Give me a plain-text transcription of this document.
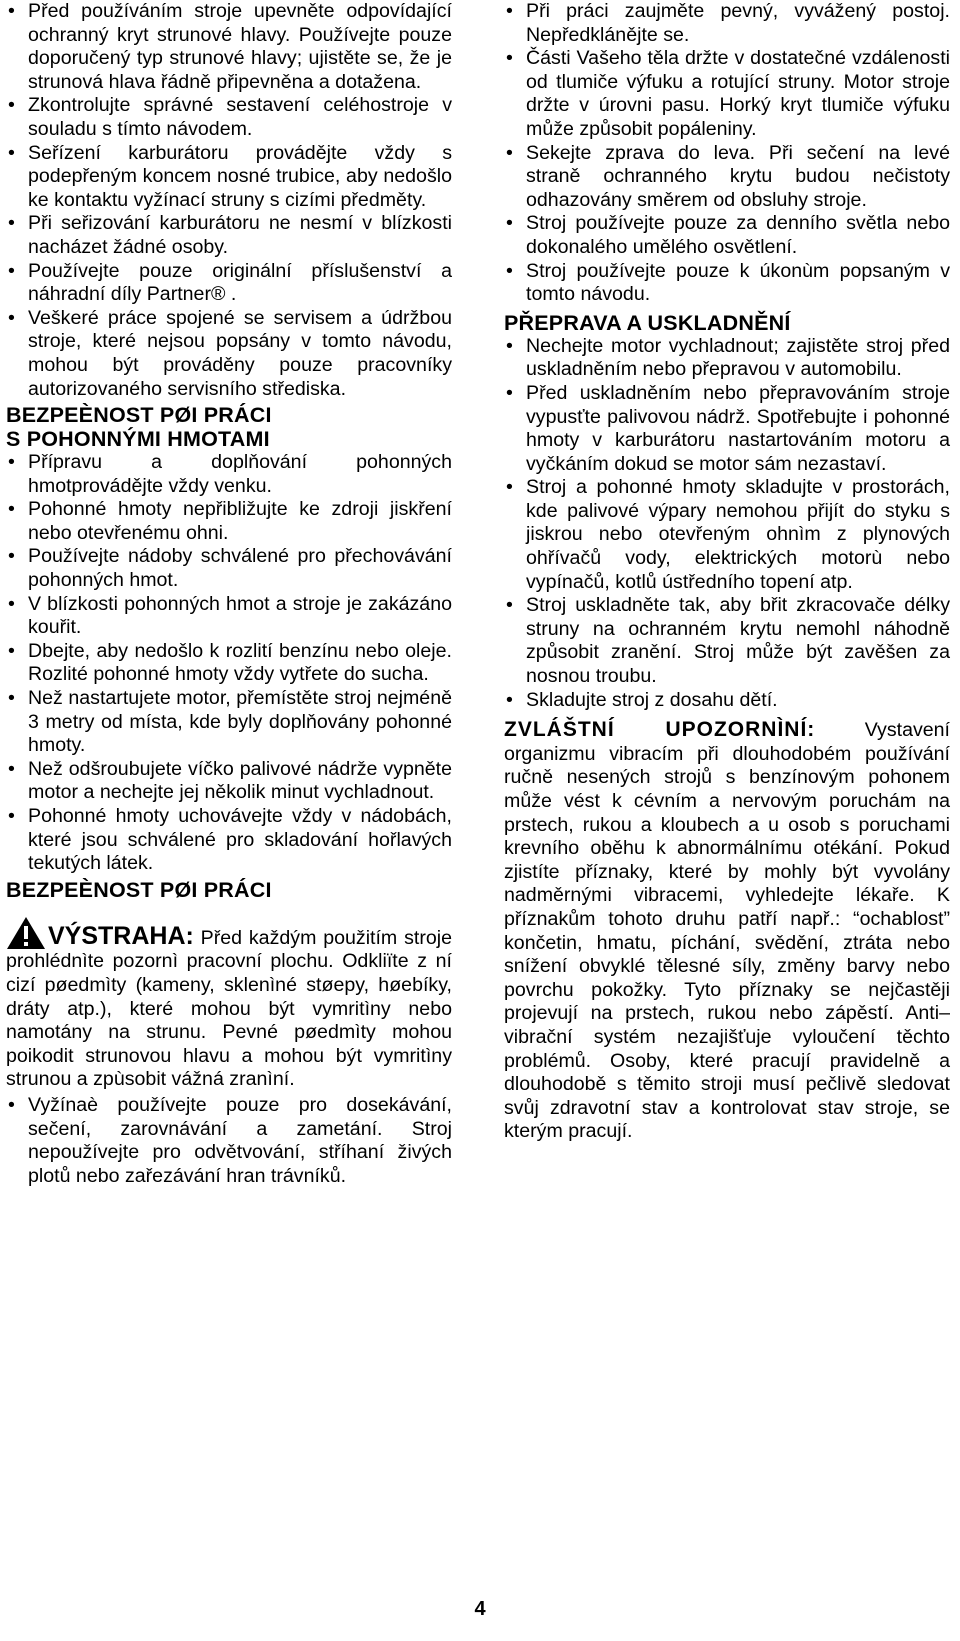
• Před používáním stroje upevněte odpovídající ochranný kryt strunové hlavy. Používejte pouze doporučený typ strunové hlavy; ujistěte se, že je strunová hlava řádně připevněna a dotažena.
• Zkontrolujte správné sestavení celéhostroje v souladu s tímto návodem.
• Seřízení karburátoru provádějte vždy s podepřeným koncem nosné trubice, aby nedošlo ke kontaktu vyžínací struny s cizími předměty.
• Při seřizování karburátoru ne nesmí v blízkosti nacházet žádné osoby.
• Používejte pouze originální příslušenství a náhradní díly Partner® .
• Veškeré práce spojené se servisem a údržbou stroje, které nejsou popsány v tomto návodu, mohou být prováděny pouze pracovníky autorizovaného servisního střediska.
BEZPEÈNOST PØI PRÁCI
S POHONNÝMI HMOTAMI
• Přípravu a doplňování pohonných hmotprovádějte vždy venku.
• Pohonné hmoty nepřibližujte ke zdroji jiskření nebo otevřenému ohni.
• Používejte nádoby schválené pro přechovávání pohonných hmot.
• V blízkosti pohonných hmot a stroje je zakázáno kouřit.
• Dbejte, aby nedošlo k rozlití benzínu nebo oleje. Rozlité pohonné hmoty vždy vytřete do sucha.
• Než nastartujete motor, přemístěte stroj nejméně 3 metry od místa, kde byly doplňovány pohonné hmoty.
• Než odšroubujete víčko palivové nádrže vypněte motor a nechejte jej několik minut vychladnout.
• Pohonné hmoty uchovávejte vždy v nádobách, které jsou schválené pro skladování hořlavých tekutých látek.
BEZPEÈNOST PØI PRÁCI

VÝSTRAHA: Před každým použitím stroje prohlédnìte pozornì pracovní plochu. Odkliïte z ní cizí pøedmìty (kameny, sklenìné støepy, høebíky, dráty atp.), které mohou být vymritìny nebo namotány na strunu. Pevné pøedmìty mohou poikodit strunovou hlavu a mohou být vymritìny strunou a zpùsobit vážná zranìní.

• Vyžínaè používejte pouze pro dosekávání, sečení, zarovnávání a zametání. Stroj nepoužívejte pro odvětvování, stříhaní živých plotů nebo zařezávání hran trávníků.
• Při práci zaujměte pevný, vyvážený postoj. Nepředklánějte se.
• Části Vašeho těla držte v dostatečné vzdálenosti od tlumiče výfuku a rotující struny. Motor stroje držte v úrovni pasu. Horký kryt tlumiče výfuku může způsobit popáleniny.
• Sekejte zprava do leva. Při sečení na levé straně ochranného krytu budou nečistoty odhazovány směrem od obsluhy stroje.
• Stroj používejte pouze za denního světla nebo dokonalého umělého osvětlení.
• Stroj používejte pouze k úkonùm popsaným v tomto návodu.
PŘEPRAVA A USKLADNĚNÍ
• Nechejte motor vychladnout; zajistěte stroj před uskladněním nebo přepravou v automobilu.
• Před uskladněním nebo přepravováním stroje vypusťte palivovou nádrž. Spotřebujte i pohonné hmoty v karburátoru nastartováním motoru a vyčkáním dokud se motor sám nezastaví.
• Stroj a pohonné hmoty skladujte v prostorách, kde palivové výpary nemohou přijít do styku s jiskrou nebo otevřeným ohnìm z plynových ohřívačů vody, elektrických motorù nebo vypínačů, kotlů ústředního topení atp.
• Stroj uskladněte tak, aby břit zkracovače délky struny na ochranném krytu nemohl náhodně způsobit zranění. Stroj může být zavěšen za nosnou troubu.
• Skladujte stroj z dosahu dětí.

ZVLÁŠTNÍ UPOZORNÌNÍ:	Vystavení organizmu vibracím při dlouhodobém používání ručně nesených strojů s benzínovým pohonem může vést k cévním a nervovým poruchám na prstech, rukou a kloubech a u osob s poruchami krevního oběhu k abnormálnímu otékání. Pokud zjistíte příznaky, které by mohly být vyvolány nadměrnými vibracemi, vyhledejte lékaře. K příznakům tohoto druhu patří např.: “ochablost” končetin, hmatu, píchání, svědění, ztráta nebo snížení obvyklé tělesné síly, změny barvy nebo povrchu pokožky. Tyto příznaky se nejčastěji projevují na prstech, rukou nebo zápěstí. Anti– vibrační systém nezajišťuje vyloučení těchto problémů. Osoby, které pracují pravidelně a dlouhodobě s těmito stroji musí pečlivě sledovat svůj zdravotní stav a kontrolovat stav stroje, se kterým pracují.

4
